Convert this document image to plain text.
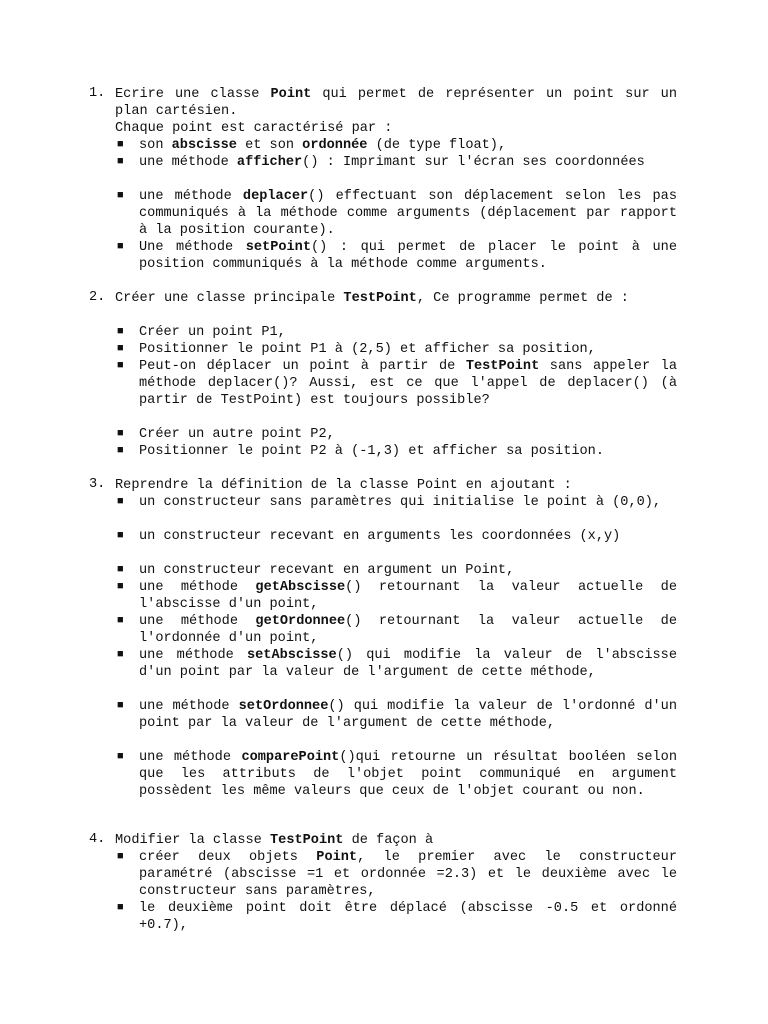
1. Ecrire une classe Point qui permet de représenter un point sur un plan cartésien.
Chaque point est caractérisé par :
■ son abscisse et son ordonnée (de type float),
■ une méthode afficher() : Imprimant sur l'écran ses coordonnées
■ une méthode deplacer() effectuant son déplacement selon les pas communiqués à la méthode comme arguments (déplacement par rapport à la position courante).
■ Une méthode setPoint() : qui permet de placer le point à une position communiqués à la méthode comme arguments.
2. Créer une classe principale TestPoint, Ce programme permet de :
■ Créer un point P1,
■ Positionner le point P1 à (2,5) et afficher sa position,
■ Peut-on déplacer un point à partir de TestPoint sans appeler la méthode deplacer()? Aussi, est ce que l'appel de deplacer() (à partir de TestPoint) est toujours possible?
■ Créer un autre point P2,
■ Positionner le point P2 à (-1,3) et afficher sa position.
3. Reprendre la définition de la classe Point en ajoutant :
■ un constructeur sans paramètres qui initialise le point à (0,0),
■ un constructeur recevant en arguments les coordonnées (x,y)
■ un constructeur recevant en argument un Point,
■ une méthode getAbscisse() retournant la valeur actuelle de l'abscisse d'un point,
■ une méthode getOrdonnee() retournant la valeur actuelle de l'ordonnée d'un point,
■ une méthode setAbscisse() qui modifie la valeur de l'abscisse d'un point par la valeur de l'argument de cette méthode,
■ une méthode setOrdonnee() qui modifie la valeur de l'ordonné d'un point par la valeur de l'argument de cette méthode,
■ une méthode comparePoint()qui retourne un résultat booléen selon que les attributs de l'objet point communiqué en argument possèdent les même valeurs que ceux de l'objet courant ou non.
4. Modifier la classe TestPoint de façon à
■ créer deux objets Point, le premier avec le constructeur paramétré (abscisse =1 et ordonnée =2.3) et le deuxième avec le constructeur sans paramètres,
■ le deuxième point doit être déplacé (abscisse -0.5 et ordonné +0.7),
